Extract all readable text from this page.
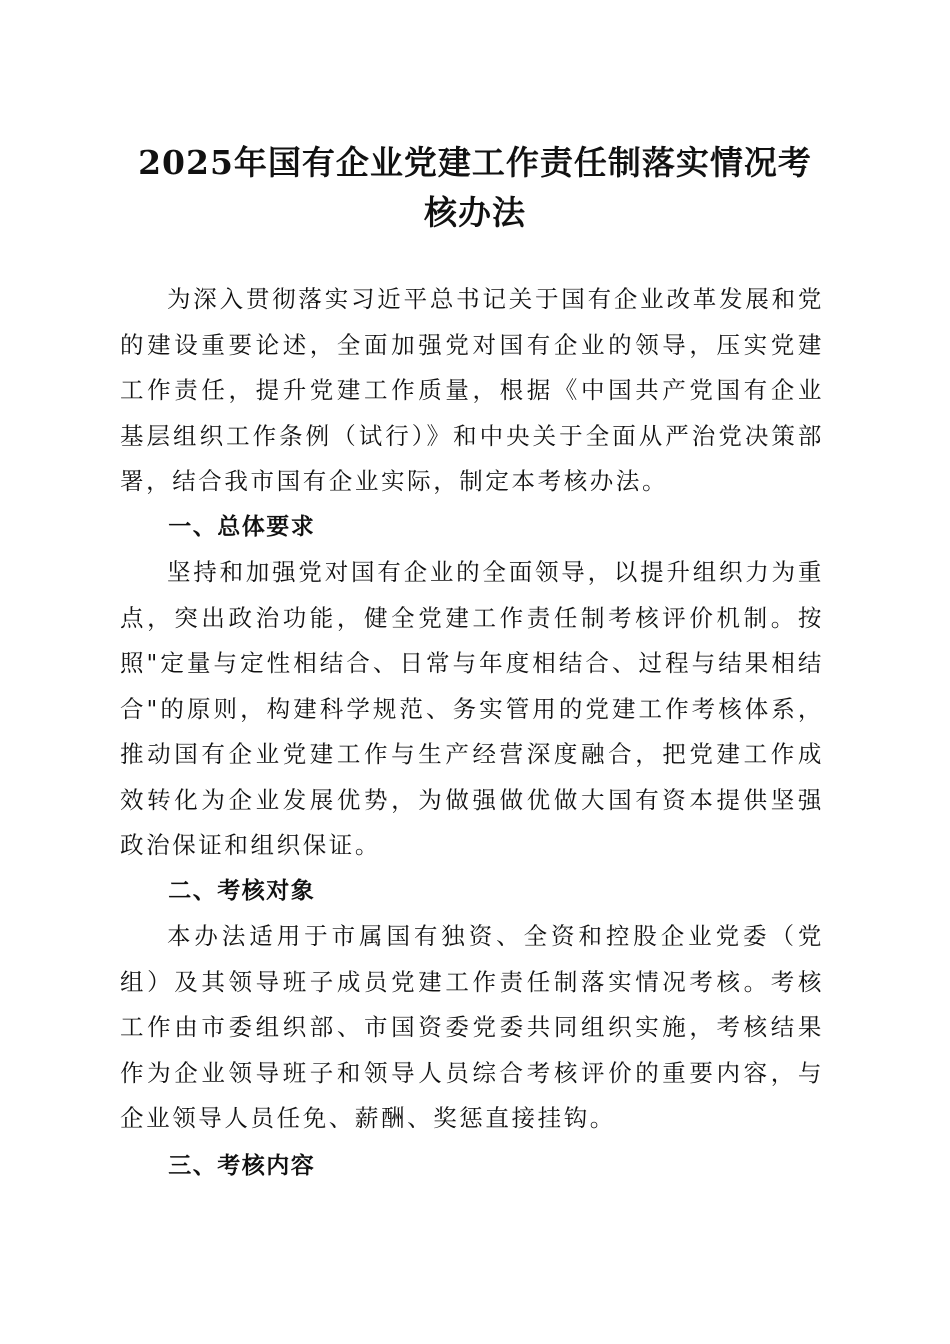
2025年国有企业党建工作责任制落实情况考
核办法

为深入贯彻落实习近平总书记关于国有企业改革发展和党的建设重要论述，全面加强党对国有企业的领导，压实党建工作责任，提升党建工作质量，根据《中国共产党国有企业基层组织工作条例（试行）》和中央关于全面从严治党决策部署，结合我市国有企业实际，制定本考核办法。

一、总体要求

坚持和加强党对国有企业的全面领导，以提升组织力为重点，突出政治功能，健全党建工作责任制考核评价机制。按照"定量与定性相结合、日常与年度相结合、过程与结果相结合"的原则，构建科学规范、务实管用的党建工作考核体系，推动国有企业党建工作与生产经营深度融合，把党建工作成效转化为企业发展优势，为做强做优做大国有资本提供坚强政治保证和组织保证。

二、考核对象

本办法适用于市属国有独资、全资和控股企业党委（党组）及其领导班子成员党建工作责任制落实情况考核。考核工作由市委组织部、市国资委党委共同组织实施，考核结果作为企业领导班子和领导人员综合考核评价的重要内容，与企业领导人员任免、薪酬、奖惩直接挂钩。

三、考核内容
